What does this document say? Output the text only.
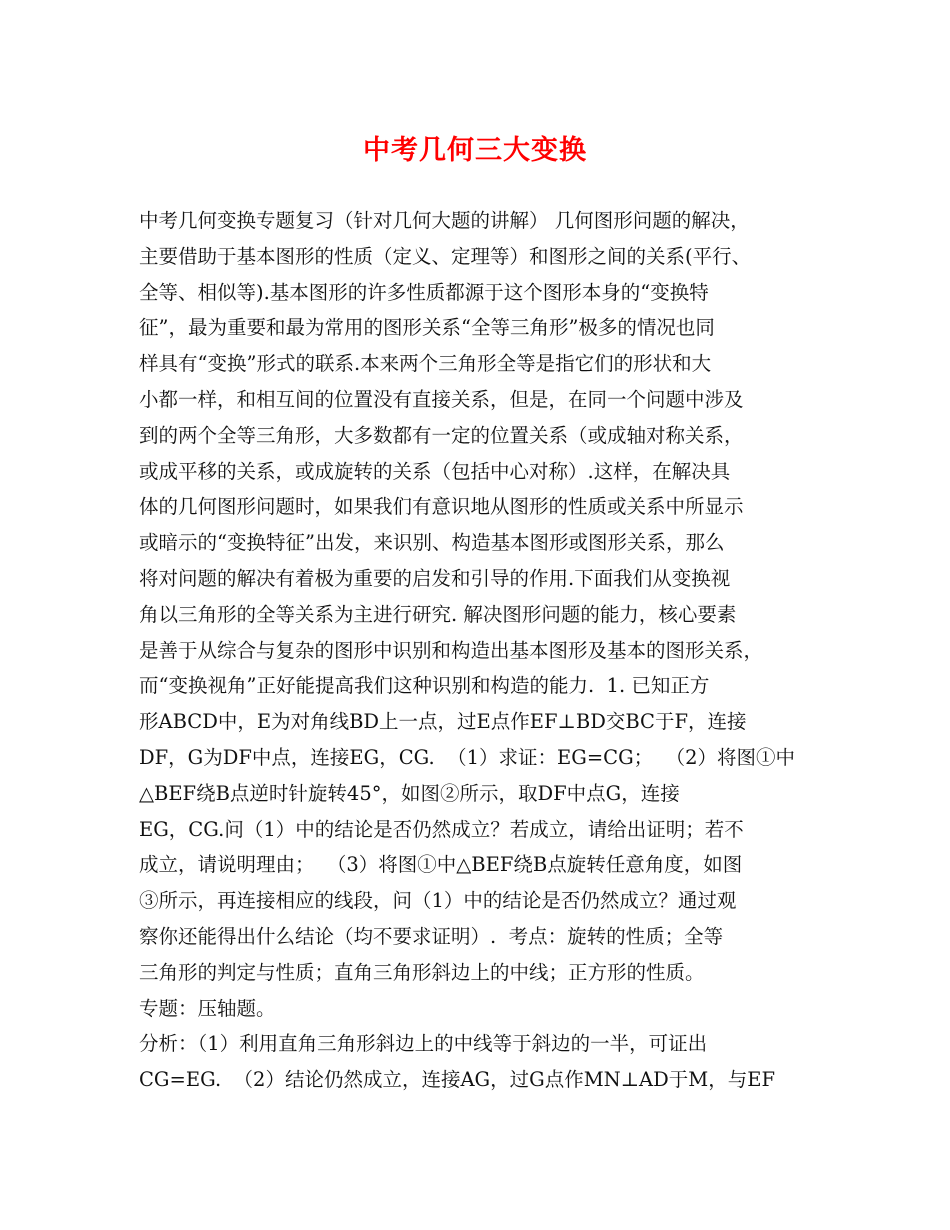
中考几何三大变换
中考几何变换专题复习（针对几何大题的讲解） 几何图形问题的解决，
主要借助于基本图形的性质（定义、定理等）和图形之间的关系(平行、
全等、相似等).基本图形的许多性质都源于这个图形本身的“变换特
征”，最为重要和最为常用的图形关系“全等三角形”极多的情况也同
样具有“变换”形式的联系.本来两个三角形全等是指它们的形状和大
小都一样，和相互间的位置没有直接关系，但是，在同一个问题中涉及
到的两个全等三角形，大多数都有一定的位置关系（或成轴对称关系，
或成平移的关系，或成旋转的关系（包括中心对称）.这样，在解决具
体的几何图形问题时，如果我们有意识地从图形的性质或关系中所显示
或暗示的“变换特征”出发，来识别、构造基本图形或图形关系，那么
将对问题的解决有着极为重要的启发和引导的作用.下面我们从变换视
角以三角形的全等关系为主进行研究. 解决图形问题的能力，核心要素
是善于从综合与复杂的图形中识别和构造出基本图形及基本的图形关系，
而“变换视角”正好能提高我们这种识别和构造的能力.  1. 已知正方
形ABCD中，E为对角线BD上一点，过E点作EF⊥BD交BC于F，连接
DF，G为DF中点，连接EG，CG.  （1）求证：EG=CG；  （2）将图①中
△BEF绕B点逆时针旋转45°，如图②所示，取DF中点G，连接
EG，CG.问（1）中的结论是否仍然成立？若成立，请给出证明；若不
成立，请说明理由；  （3）将图①中△BEF绕B点旋转任意角度，如图
③所示，再连接相应的线段，问（1）中的结论是否仍然成立？通过观
察你还能得出什么结论（均不要求证明）.  考点：旋转的性质；全等
三角形的判定与性质；直角三角形斜边上的中线；正方形的性质。
专题：压轴题。
分析：（1）利用直角三角形斜边上的中线等于斜边的一半，可证出
CG=EG.  （2）结论仍然成立，连接AG，过G点作MN⊥AD于M，与EF
